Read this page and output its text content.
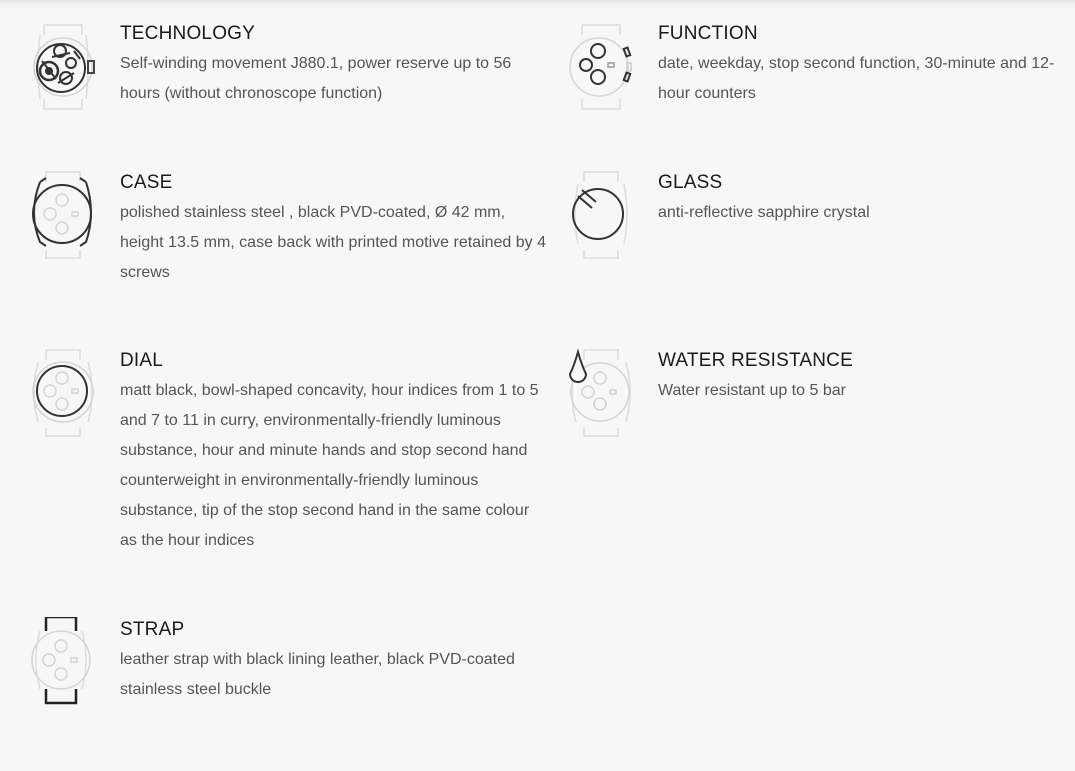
TECHNOLOGY

Self-winding movement J880.1, power reserve up to 56 hours (without chronoscope function)

FUNCTION

date, weekday, stop second function, 30-minute and 12-hour counters

CASE

polished stainless steel , black PVD-coated, Ø 42 mm, height 13.5 mm, case back with printed motive retained by 4 screws

GLASS

anti-reflective sapphire crystal

DIAL

matt black, bowl-shaped concavity, hour indices from 1 to 5 and 7 to 11 in curry, environmentally-friendly luminous substance, hour and minute hands and stop second hand counterweight in environmentally-friendly luminous substance, tip of the stop second hand in the same colour as the hour indices

WATER RESISTANCE

Water resistant up to 5 bar

STRAP

leather strap with black lining leather, black PVD-coated stainless steel buckle
